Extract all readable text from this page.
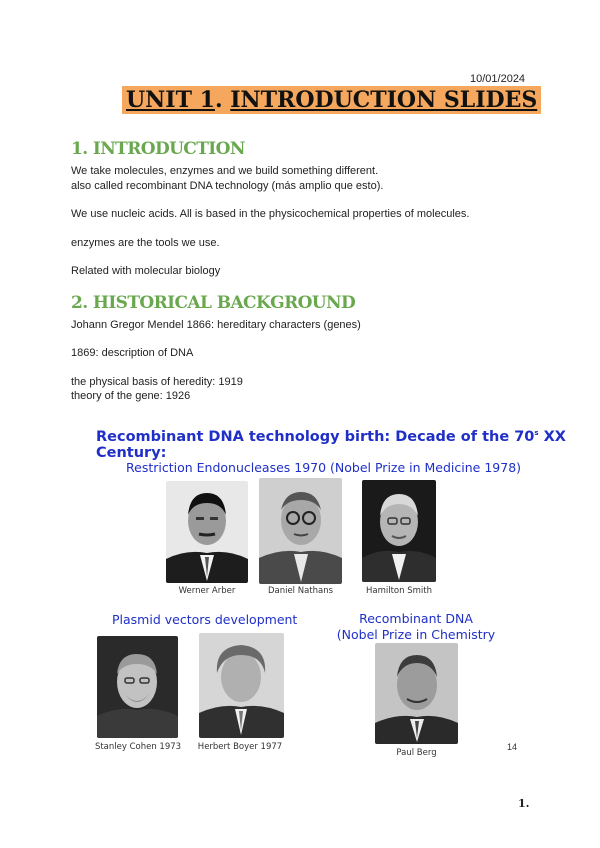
10/01/2024
UNIT 1. INTRODUCTION SLIDES
1. INTRODUCTION
We take molecules, enzymes and we build something different.
also called recombinant DNA technology (más amplio que esto).
We use nucleic acids. All is based in the physicochemical properties of molecules.
enzymes are the tools we use.
Related with molecular biology
2. HISTORICAL BACKGROUND
Johann Gregor Mendel 1866: hereditary characters (genes)
1869: description of DNA
the physical basis of heredity: 1919
theory of the gene: 1926
Recombinant DNA technology birth: Decade of the 70$^s$ XX Century:
Restriction Endonucleases 1970 (Nobel Prize in Medicine 1978)
Werner Arber	Daniel Nathans	Hamilton Smith
Plasmid vectors development
Stanley Cohen 1973	Herbert Boyer 1977
Recombinant DNA
(Nobel Prize in Chemistry
Paul Berg
14
1.
